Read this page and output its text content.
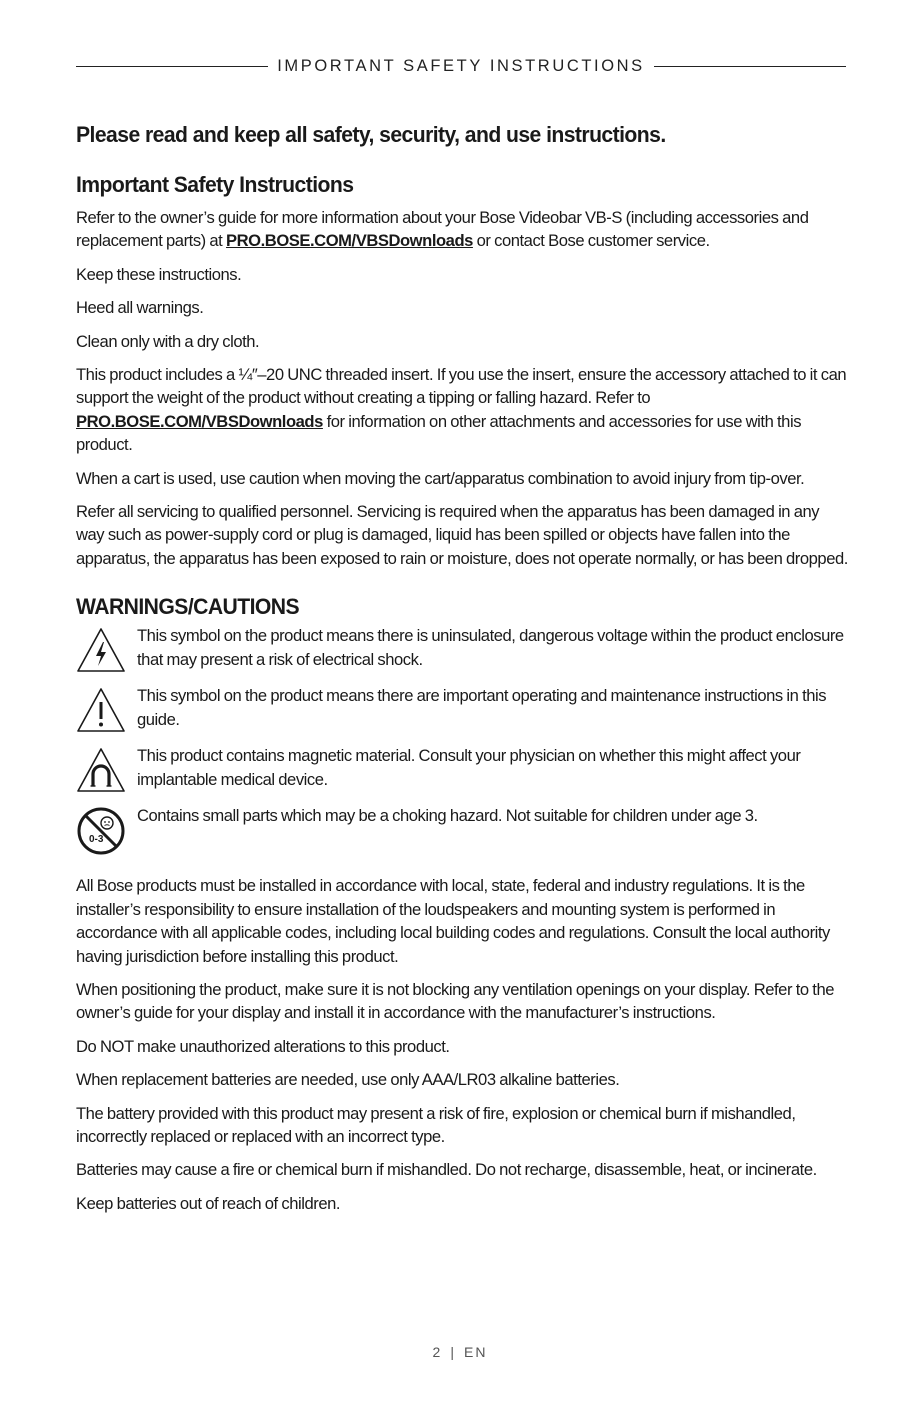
IMPORTANT SAFETY INSTRUCTIONS
Please read and keep all safety, security, and use instructions.
Important Safety Instructions

Refer to the owner’s guide for more information about your Bose Videobar VB-S (including accessories and replacement parts) at PRO.BOSE.COM/VBSDownloads or contact Bose customer service.

Keep these instructions.

Heed all warnings.

Clean only with a dry cloth.

This product includes a ¼″–20 UNC threaded insert. If you use the insert, ensure the accessory attached to it can support the weight of the product without creating a tipping or falling hazard. Refer to PRO.BOSE.COM/VBSDownloads for information on other attachments and accessories for use with this product.

When a cart is used, use caution when moving the cart/apparatus combination to avoid injury from tip-over.

Refer all servicing to qualified personnel. Servicing is required when the apparatus has been damaged in any way such as power-supply cord or plug is damaged, liquid has been spilled or objects have fallen into the apparatus, the apparatus has been exposed to rain or moisture, does not operate normally, or has been dropped.

WARNINGS/CAUTIONS

This symbol on the product means there is uninsulated, dangerous voltage within the product enclosure that may present a risk of electrical shock.

This symbol on the product means there are important operating and maintenance instructions in this guide.

This product contains magnetic material. Consult your physician on whether this might affect your implantable medical device.

0-3

Contains small parts which may be a choking hazard. Not suitable for children under age 3.

All Bose products must be installed in accordance with local, state, federal and industry regulations. It is the installer’s responsibility to ensure installation of the loudspeakers and mounting system is performed in accordance with all applicable codes, including local building codes and regulations. Consult the local authority having jurisdiction before installing this product.

When positioning the product, make sure it is not blocking any ventilation openings on your display. Refer to the owner’s guide for your display and install it in accordance with the manufacturer’s instructions.

Do NOT make unauthorized alterations to this product.

When replacement batteries are needed, use only AAA/LR03 alkaline batteries.

The battery provided with this product may present a risk of fire, explosion or chemical burn if mishandled, incorrectly replaced or replaced with an incorrect type.

Batteries may cause a fire or chemical burn if mishandled. Do not recharge, disassemble, heat, or incinerate.

Keep batteries out of reach of children.

2 | EN
